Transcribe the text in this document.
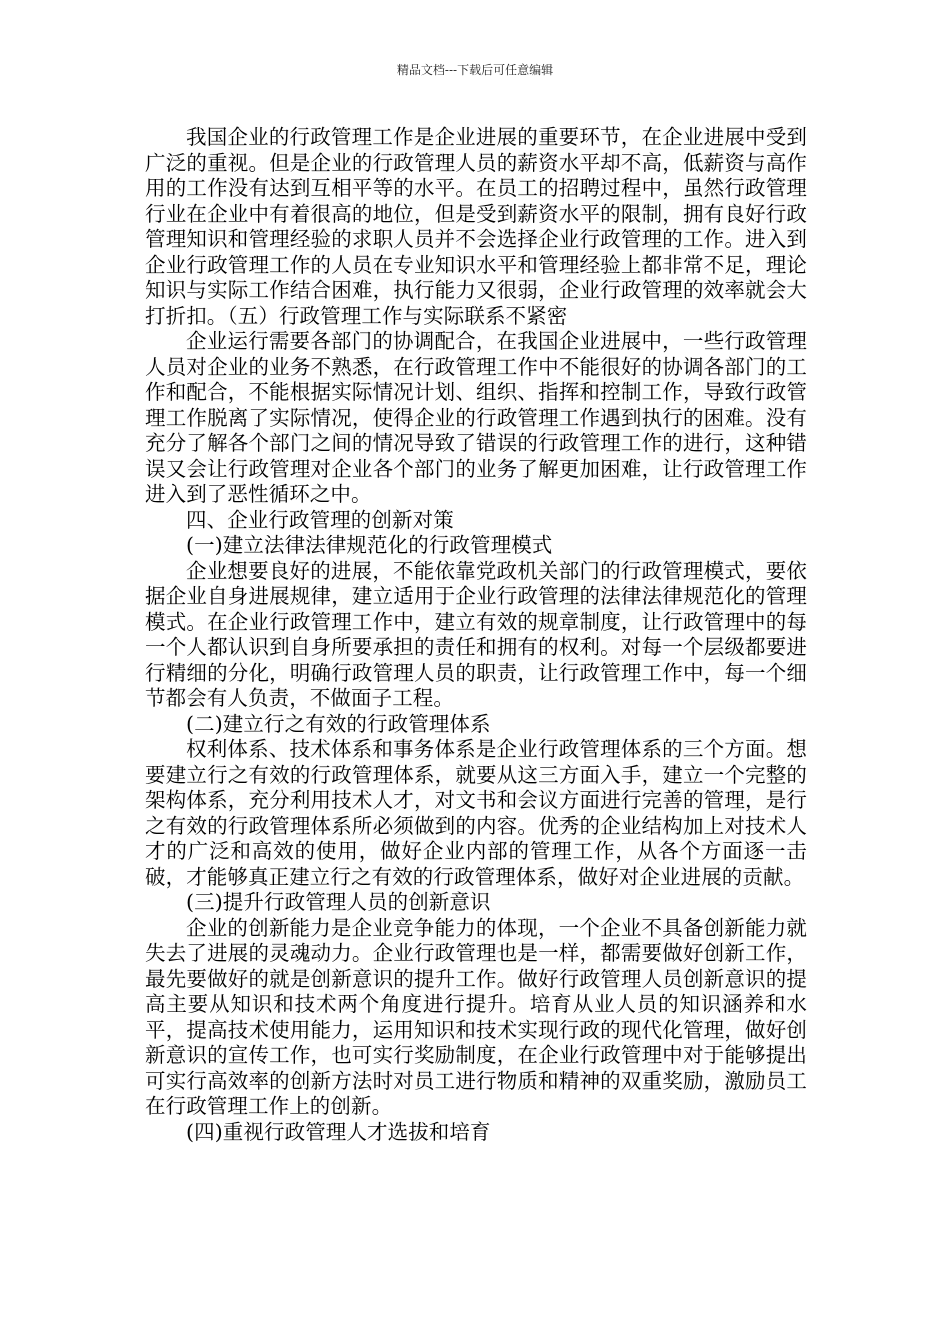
精品文档---下载后可任意编辑

我国企业的行政管理工作是企业进展的重要环节，在企业进展中受到广泛的重视。但是企业的行政管理人员的薪资水平却不高，低薪资与高作用的工作没有达到互相平等的水平。在员工的招聘过程中，虽然行政管理行业在企业中有着很高的地位，但是受到薪资水平的限制，拥有良好行政管理知识和管理经验的求职人员并不会选择企业行政管理的工作。进入到企业行政管理工作的人员在专业知识水平和管理经验上都非常不足，理论知识与实际工作结合困难，执行能力又很弱，企业行政管理的效率就会大打折扣。（五）行政管理工作与实际联系不紧密

企业运行需要各部门的协调配合，在我国企业进展中，一些行政管理人员对企业的业务不熟悉，在行政管理工作中不能很好的协调各部门的工作和配合，不能根据实际情况计划、组织、指挥和控制工作，导致行政管理工作脱离了实际情况，使得企业的行政管理工作遇到执行的困难。没有充分了解各个部门之间的情况导致了错误的行政管理工作的进行，这种错误又会让行政管理对企业各个部门的业务了解更加困难，让行政管理工作进入到了恶性循环之中。

四、企业行政管理的创新对策

(一)建立法律法律规范化的行政管理模式

企业想要良好的进展，不能依靠党政机关部门的行政管理模式，要依据企业自身进展规律，建立适用于企业行政管理的法律法律规范化的管理模式。在企业行政管理工作中，建立有效的规章制度，让行政管理中的每一个人都认识到自身所要承担的责任和拥有的权利。对每一个层级都要进行精细的分化，明确行政管理人员的职责，让行政管理工作中，每一个细节都会有人负责，不做面子工程。

(二)建立行之有效的行政管理体系

权利体系、技术体系和事务体系是企业行政管理体系的三个方面。想要建立行之有效的行政管理体系，就要从这三方面入手，建立一个完整的架构体系，充分利用技术人才，对文书和会议方面进行完善的管理，是行之有效的行政管理体系所必须做到的内容。优秀的企业结构加上对技术人才的广泛和高效的使用，做好企业内部的管理工作，从各个方面逐一击破，才能够真正建立行之有效的行政管理体系，做好对企业进展的贡献。

(三)提升行政管理人员的创新意识

企业的创新能力是企业竞争能力的体现，一个企业不具备创新能力就失去了进展的灵魂动力。企业行政管理也是一样，都需要做好创新工作，最先要做好的就是创新意识的提升工作。做好行政管理人员创新意识的提高主要从知识和技术两个角度进行提升。培育从业人员的知识涵养和水平，提高技术使用能力，运用知识和技术实现行政的现代化管理，做好创新意识的宣传工作，也可实行奖励制度，在企业行政管理中对于能够提出可实行高效率的创新方法时对员工进行物质和精神的双重奖励，激励员工在行政管理工作上的创新。

(四)重视行政管理人才选拔和培育
